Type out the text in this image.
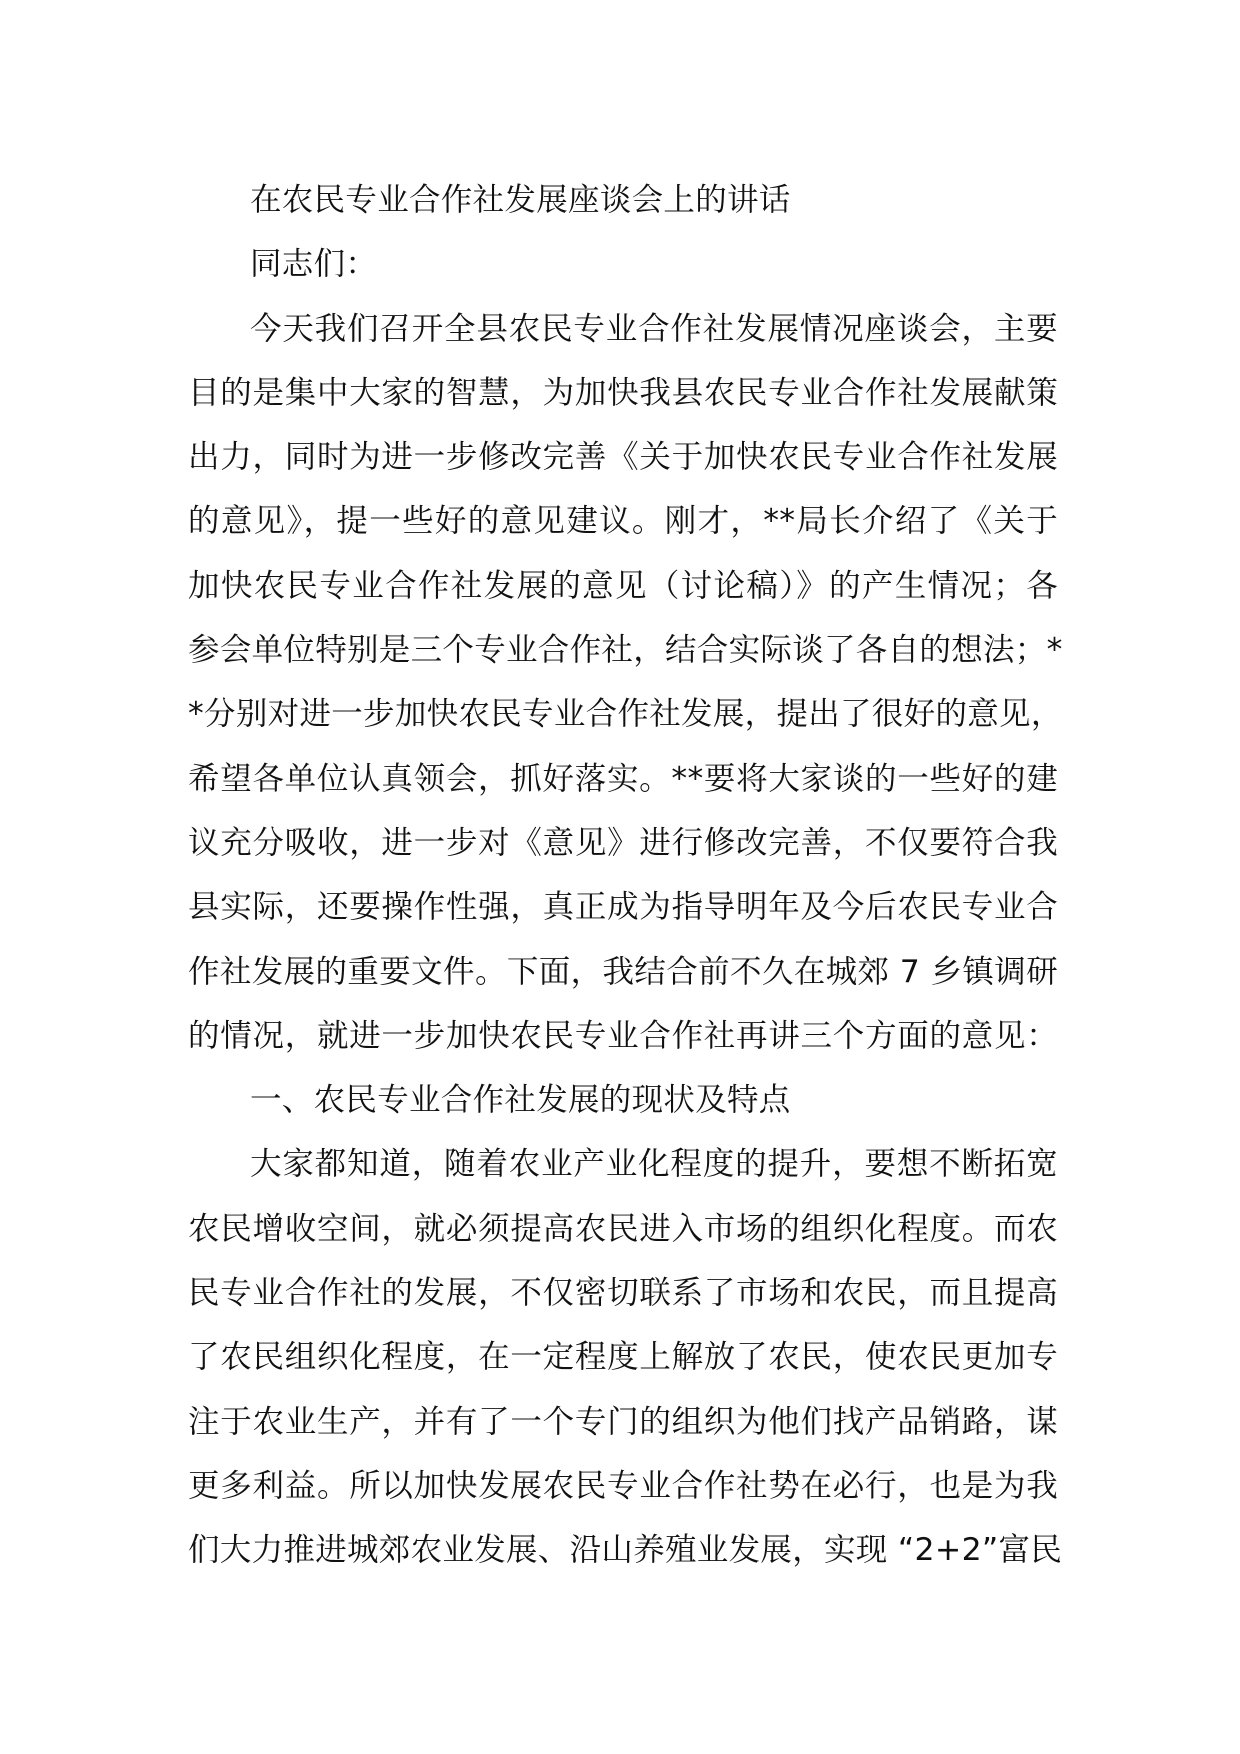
在农民专业合作社发展座谈会上的讲话

同志们：

今天我们召开全县农民专业合作社发展情况座谈会，主要

目的是集中大家的智慧，为加快我县农民专业合作社发展献策

出力，同时为进一步修改完善《关于加快农民专业合作社发展

的意见》，提一些好的意见建议。刚才，**局长介绍了《关于

加快农民专业合作社发展的意见（讨论稿）》的产生情况；各

参会单位特别是三个专业合作社，结合实际谈了各自的想法；*

*分别对进一步加快农民专业合作社发展，提出了很好的意见，

希望各单位认真领会，抓好落实。**要将大家谈的一些好的建

议充分吸收，进一步对《意见》进行修改完善，不仅要符合我

县实际，还要操作性强，真正成为指导明年及今后农民专业合

作社发展的重要文件。下面，我结合前不久在城郊 7 乡镇调研

的情况，就进一步加快农民专业合作社再讲三个方面的意见：

一、农民专业合作社发展的现状及特点

大家都知道，随着农业产业化程度的提升，要想不断拓宽

农民增收空间，就必须提高农民进入市场的组织化程度。而农

民专业合作社的发展，不仅密切联系了市场和农民，而且提高

了农民组织化程度，在一定程度上解放了农民，使农民更加专

注于农业生产，并有了一个专门的组织为他们找产品销路，谋

更多利益。所以加快发展农民专业合作社势在必行，也是为我

们大力推进城郊农业发展、沿山养殖业发展，实现 “2+2”富民
